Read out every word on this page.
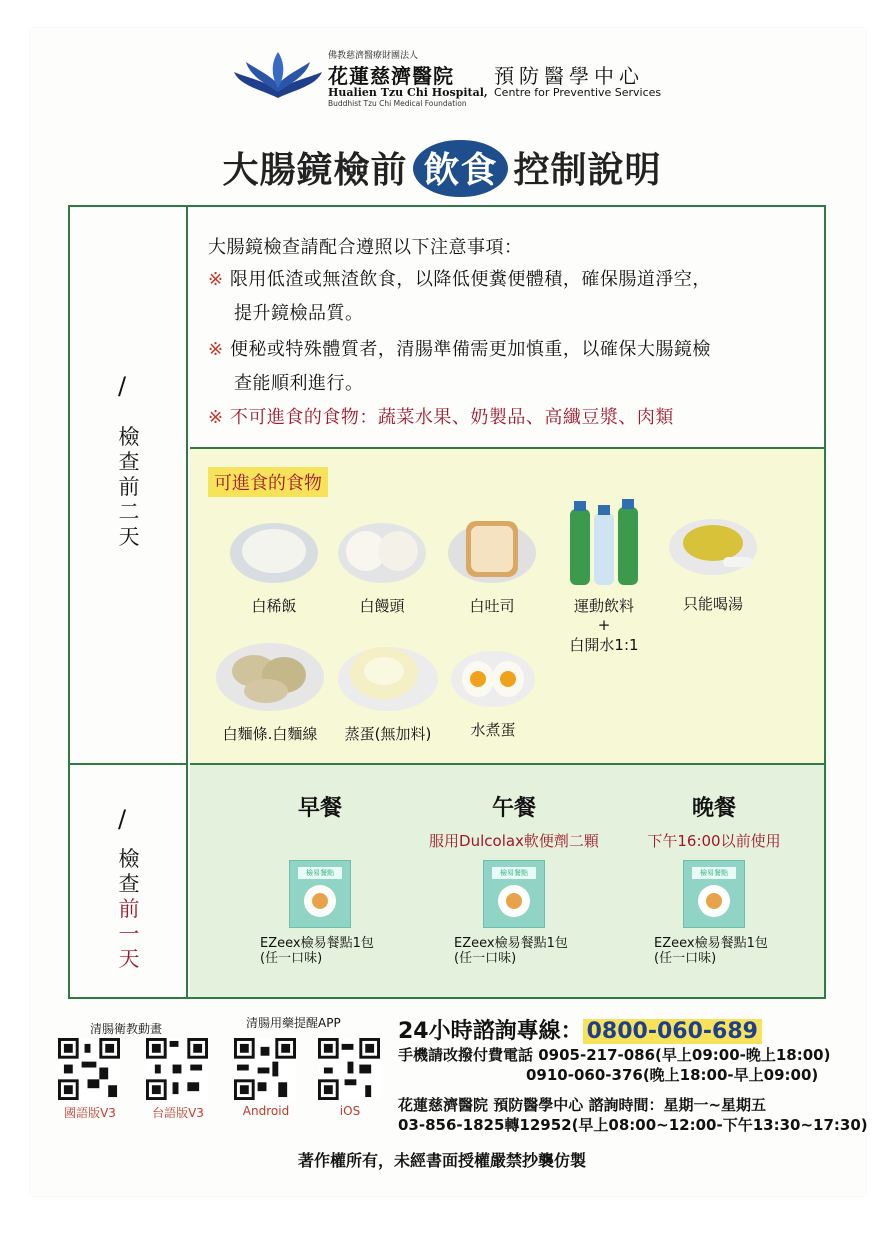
佛教慈濟醫療財團法人
花蓮慈濟醫院
Hualien Tzu Chi Hospital,
Buddhist Tzu Chi Medical Foundation
預防醫學中心
Centre for Preventive Services
大腸鏡檢前 飲食 控制說明
/
檢
查
前
二
天
/
檢
查
前
一
天
大腸鏡檢查請配合遵照以下注意事項：
※ 限用低渣或無渣飲食，以降低便糞便體積，確保腸道淨空，
提升鏡檢品質。
※ 便秘或特殊體質者，清腸準備需更加慎重，以確保大腸鏡檢
查能順利進行。
※ 不可進食的食物：蔬菜水果、奶製品、高纖豆漿、肉類
可進食的食物
白稀飯	白饅頭	白吐司	運動飲料
+
白開水1:1
只能喝湯
白麵條.白麵線	蒸蛋(無加料)	水煮蛋
早餐
檢易餐點
EZeex檢易餐點1包
(任一口味)
午餐
服用Dulcolax軟便劑二顆
檢易餐點
EZeex檢易餐點1包
(任一口味)
晚餐
下午16:00以前使用
檢易餐點
EZeex檢易餐點1包
(任一口味)
清腸衛教動畫	清腸用藥提醒APP
國語版V3	台語版V3	Android	iOS
24小時諮詢專線： 0800-060-689
手機請改撥付費電話 0905-217-086(早上09:00-晚上18:00)
0910-060-376(晚上18:00-早上09:00)
花蓮慈濟醫院 預防醫學中心 諮詢時間：星期一~星期五
03-856-1825轉12952(早上08:00~12:00-下午13:30~17:30)
著作權所有，未經書面授權嚴禁抄襲仿製
